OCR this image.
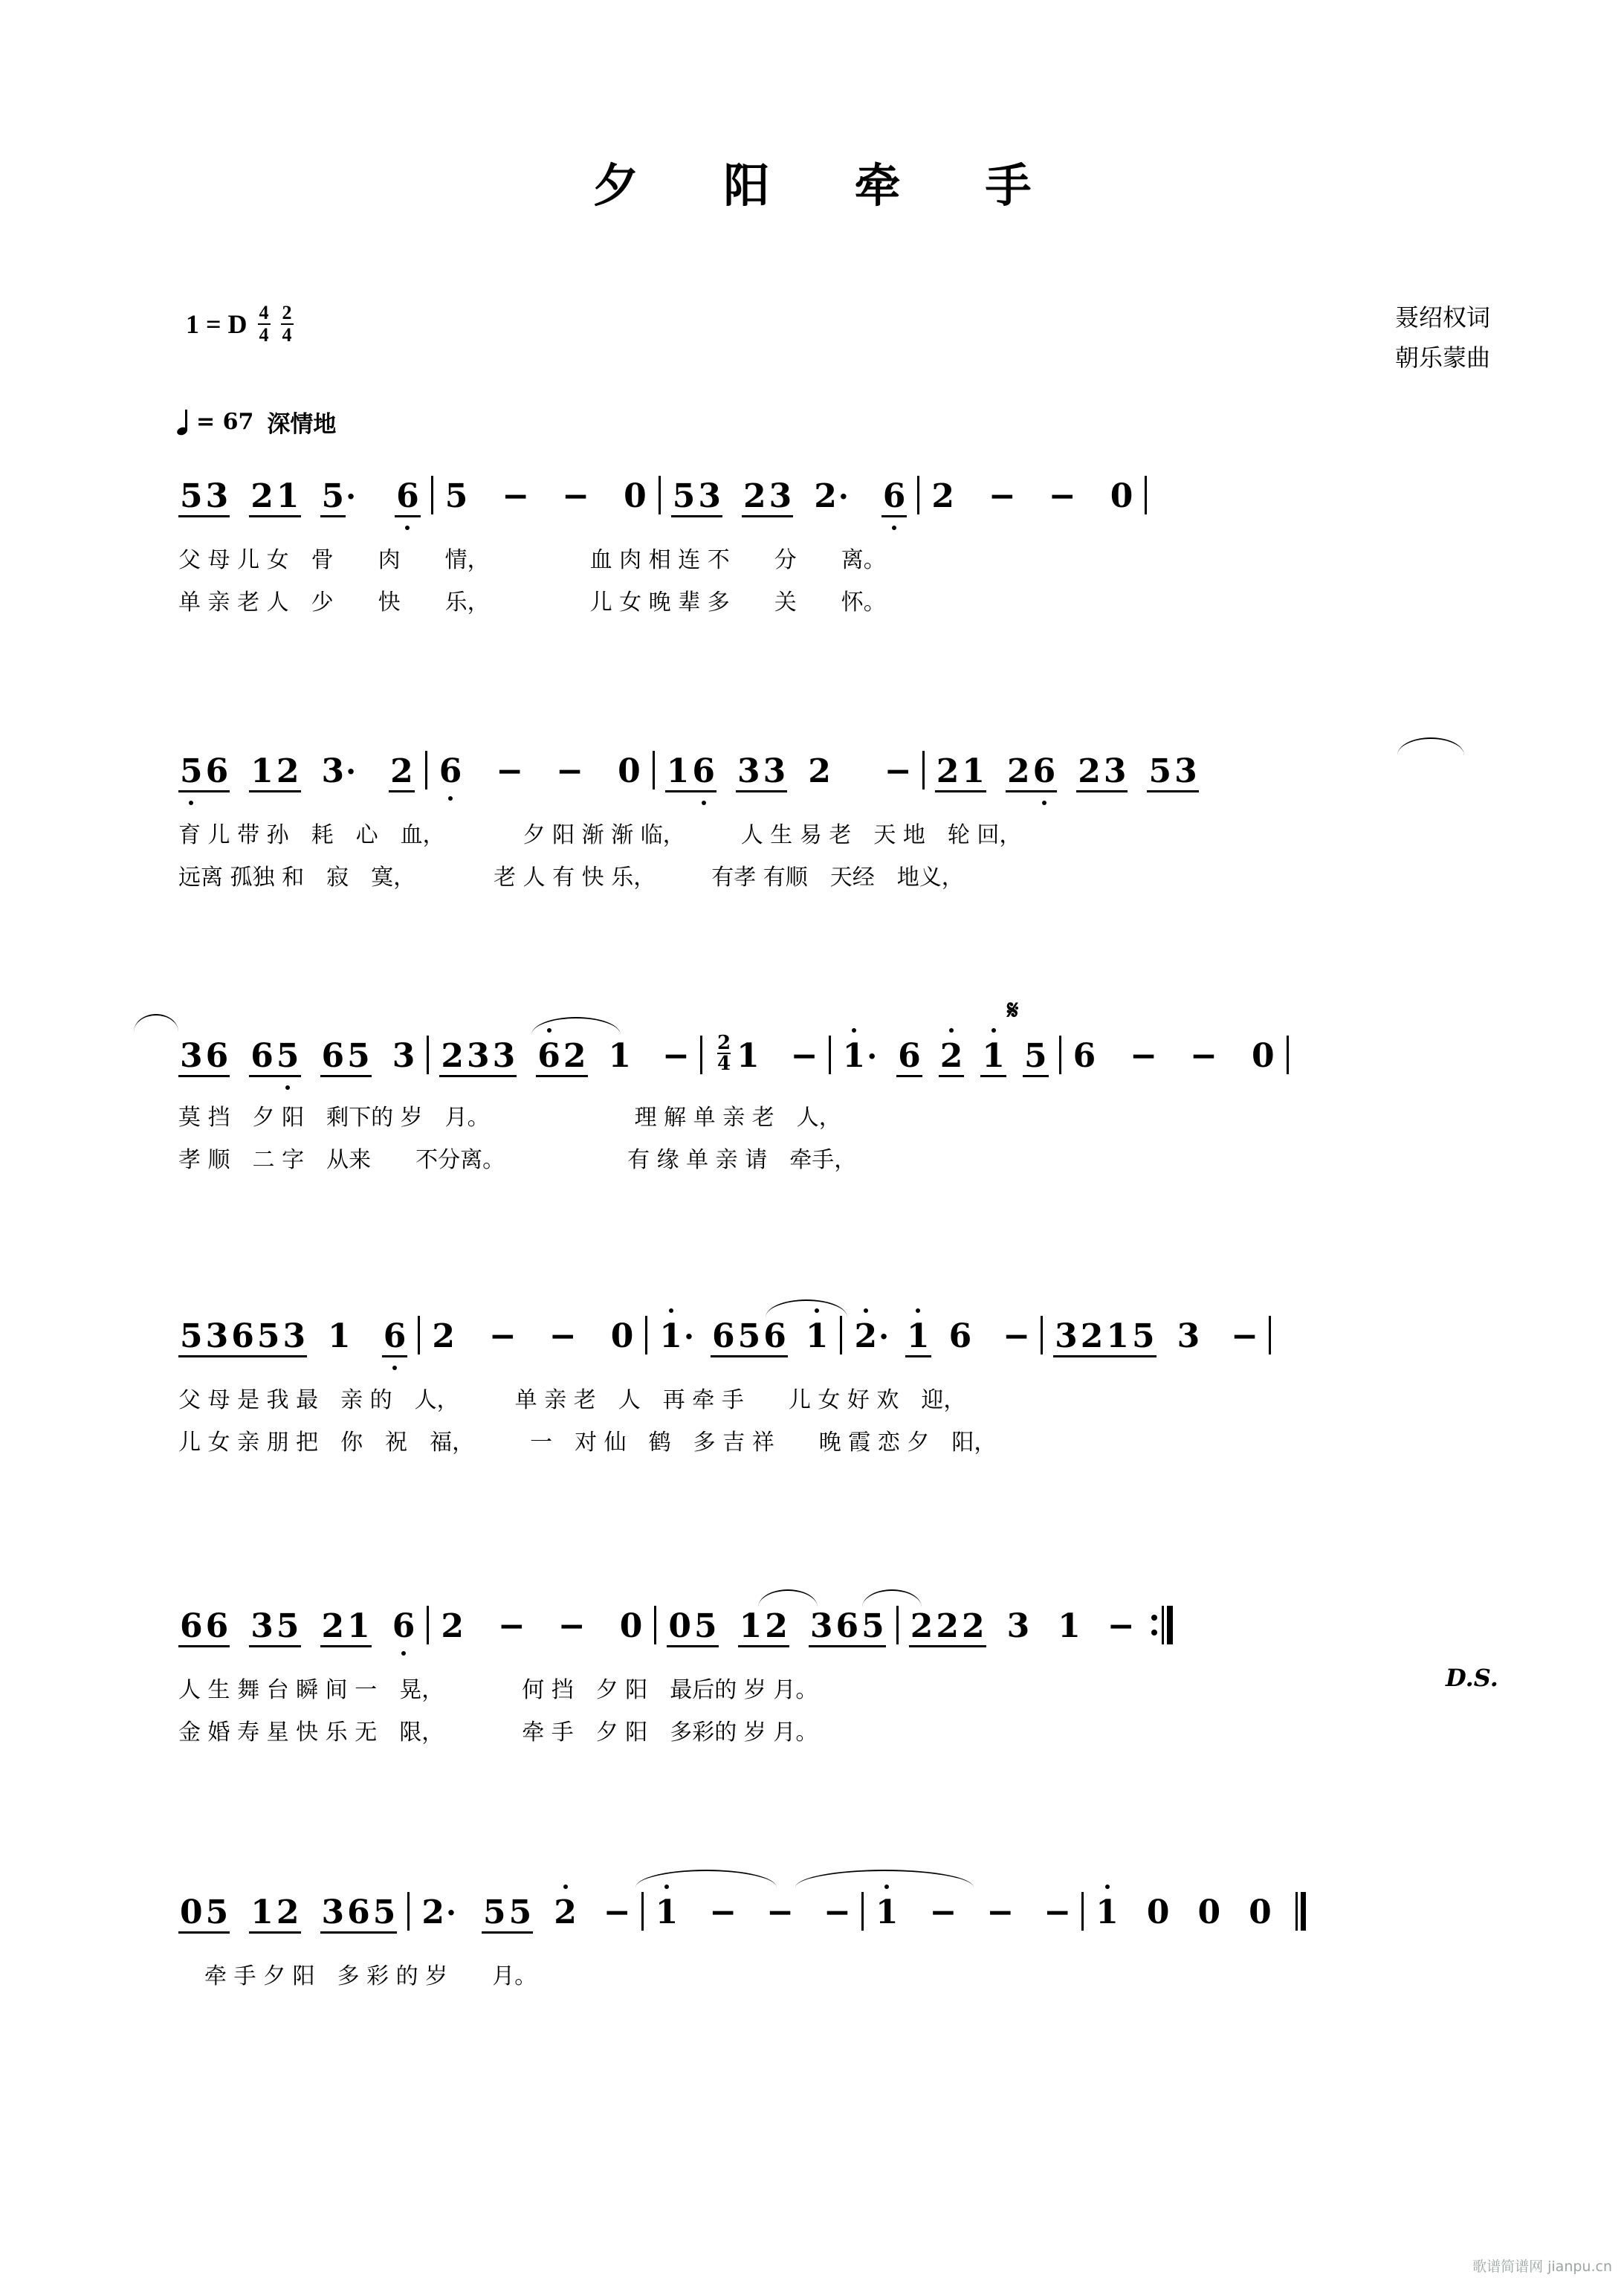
夕　阳　牵　手
1 = D $\frac{4}{4} \frac{2}{4}$	聂绍权词
朝乐蒙曲
= 67 深情地
53 21 5· 6 5 − − 0 53 23 2· 6 2 − − 0
父 母 儿 女　骨　　肉　　情，　　　　　血 肉 相 连 不　　分　　离。
单 亲 老 人　少　　快　　乐，　　　　　儿 女 晚 辈 多　　关　　怀。
56 12 3· 2 6 − − 0 16 33 2 − 21 26 23 53
育 儿 带 孙　耗　心　血，　　　　夕 阳 渐 渐 临，　　　人 生 易 老　天 地　轮 回，
远离 孤独 和　寂　寞，　　　　老 人 有 快 乐，　　　有孝 有顺　天经　地义，
𝄋
36 65 65 3 233 62 $1 - \frac{2}{4} 1 - 1\cdot 6$ 2 1 5 6 − − 0
莫 挡　夕 阳　剩下的 岁　月。　　　　　　　理 解 单 亲 老　人，
孝 顺　二 字　从来　　不分离。　　　　　　有 缘 单 亲 请　牵手，
53653 1 6 2 − − 0 1· 656 1 2· 1 6 − 3215 3 −
父 母 是 我 最　亲 的　人，　　　单 亲 老　人　再 牵 手　　儿 女 好 欢　迎，
儿 女 亲 朋 把　你　祝　福，　　　一　对 仙　鹤　多 吉 祥　　晚 霞 恋 夕　阳，
66 35 21 6 2 − − 0 05 12 365 222 3 1 −
D.S.
人 生 舞 台 瞬 间 一　晃，　　　　何 挡　夕 阳　最后的 岁 月。
金 婚 寿 星 快 乐 无　限，　　　　牵 手　夕 阳　多彩的 岁 月。
05 12 365 2· 55 2 − 1 − − − 1 − − − 1 0 0 0
牵 手 夕 阳　多 彩 的 岁　　月。
歌谱简谱网 jianpu.cn
